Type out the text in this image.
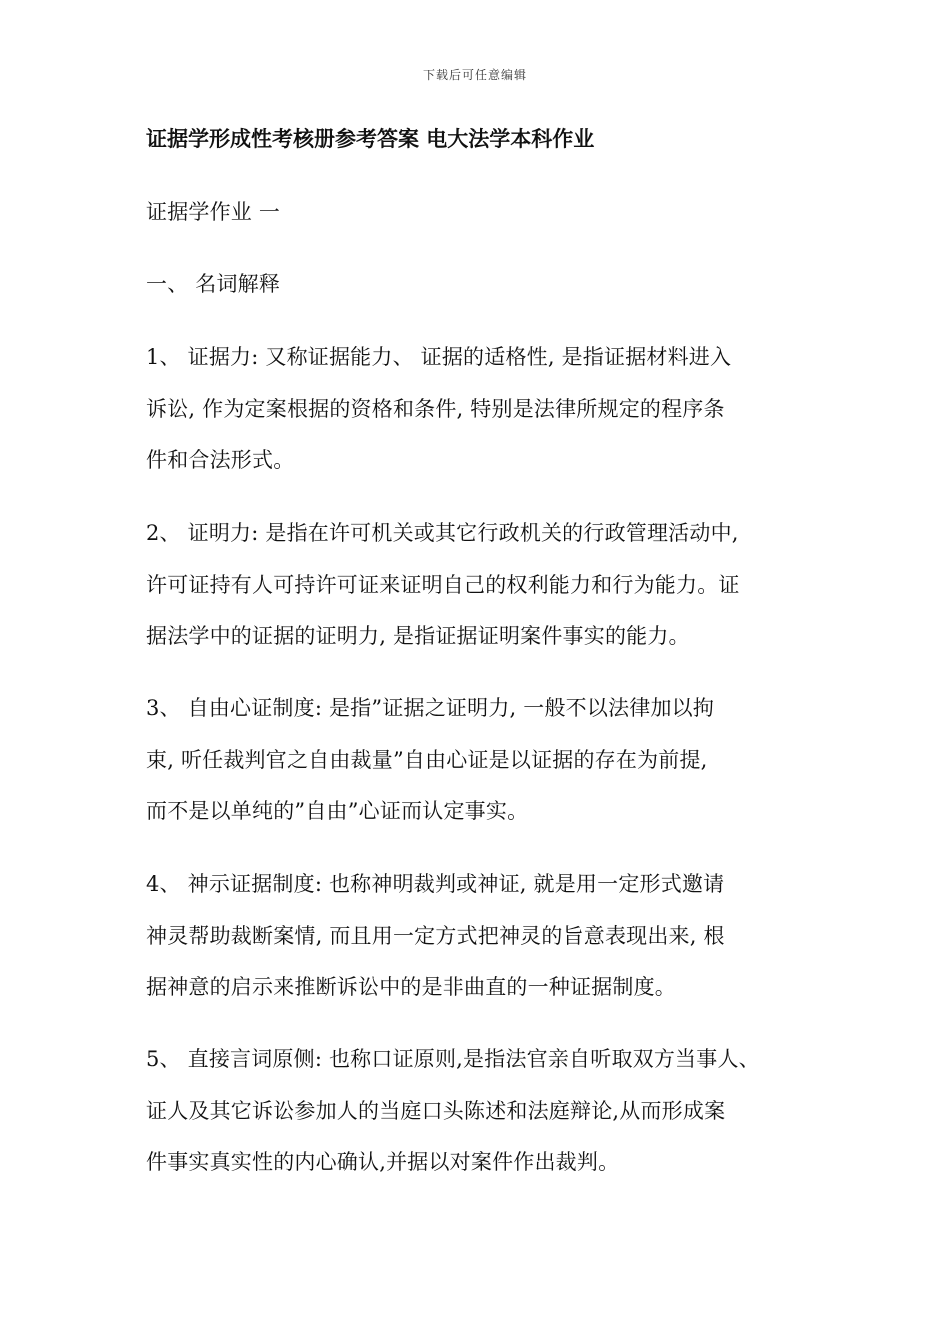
下载后可任意编辑
证据学形成性考核册参考答案 电大法学本科作业
证据学作业 一
一、 名词解释
1、 证据力: 又称证据能力、 证据的适格性, 是指证据材料进入
诉讼, 作为定案根据的资格和条件, 特别是法律所规定的程序条
件和合法形式。
2、 证明力: 是指在许可机关或其它行政机关的行政管理活动中,
许可证持有人可持许可证来证明自己的权利能力和行为能力。证
据法学中的证据的证明力, 是指证据证明案件事实的能力。
3、 自由心证制度: 是指”证据之证明力, 一般不以法律加以拘
束, 听任裁判官之自由裁量”自由心证是以证据的存在为前提,
而不是以单纯的”自由”心证而认定事实。
4、 神示证据制度: 也称神明裁判或神证, 就是用一定形式邀请
神灵帮助裁断案情, 而且用一定方式把神灵的旨意表现出来, 根
据神意的启示来推断诉讼中的是非曲直的一种证据制度。
5、 直接言词原侧: 也称口证原则,是指法官亲自听取双方当事人、
证人及其它诉讼参加人的当庭口头陈述和法庭辩论,从而形成案
件事实真实性的内心确认,并据以对案件作出裁判。
